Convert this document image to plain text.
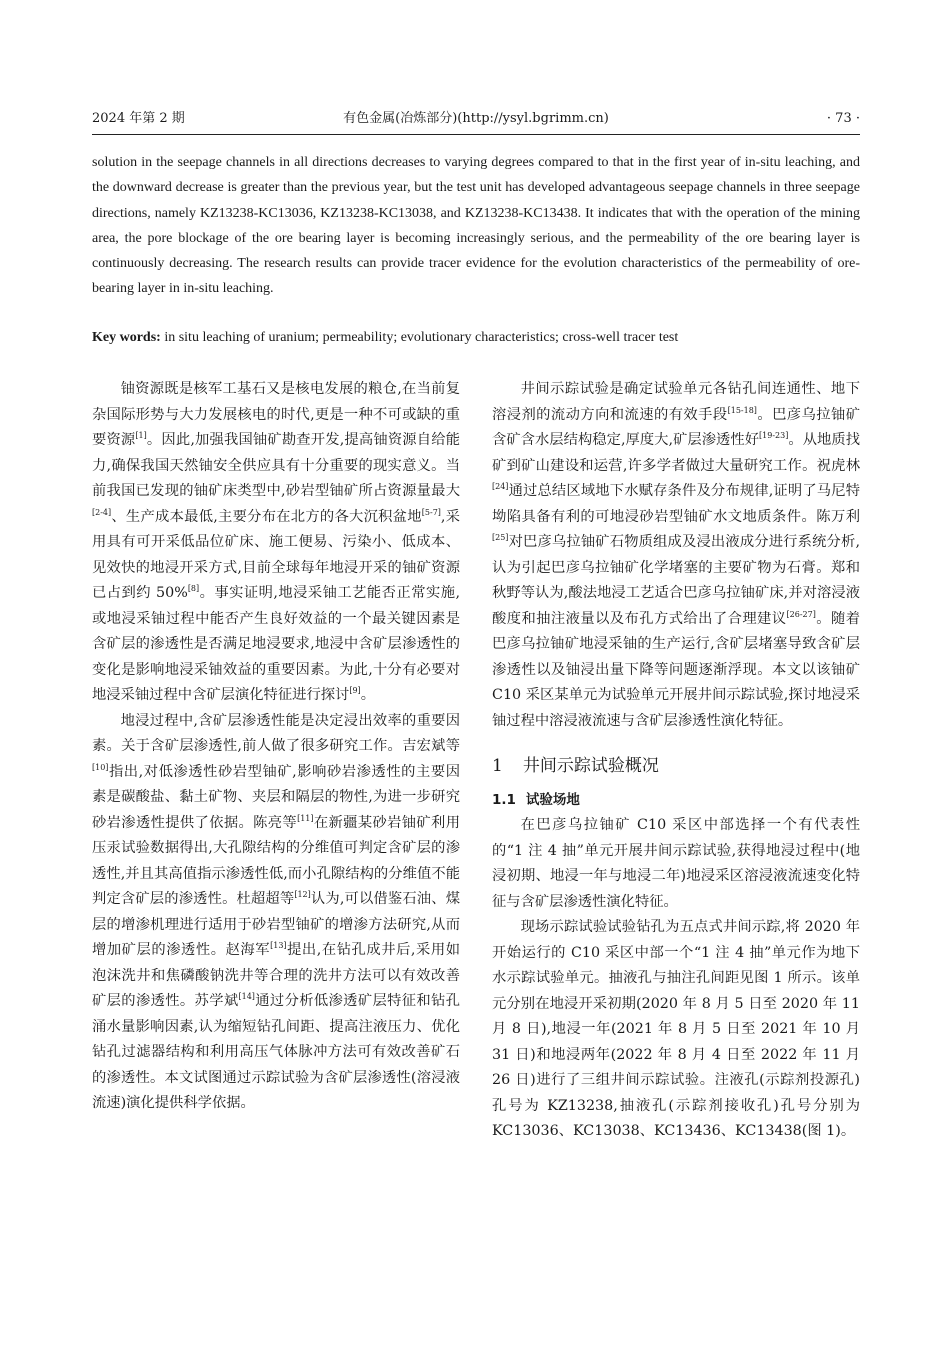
2024 年第 2 期	有色金属(冶炼部分)(http://ysyl.bgrimm.cn)	· 73 ·

solution in the seepage channels in all directions decreases to varying degrees compared to that in the first year of in-situ leaching, and the downward decrease is greater than the previous year, but the test unit has developed advantageous seepage channels in three seepage directions, namely KZ13238-KC13036, KZ13238-KC13038, and KZ13238-KC13438. It indicates that with the operation of the mining area, the pore blockage of the ore bearing layer is becoming increasingly serious, and the permeability of the ore bearing layer is continuously decreasing. The research results can provide tracer evidence for the evolution characteristics of the permeability of ore-bearing layer in in-situ leaching.

Key words: in situ leaching of uranium; permeability; evolutionary characteristics; cross-well tracer test

铀资源既是核军工基石又是核电发展的粮仓,在当前复杂国际形势与大力发展核电的时代,更是一种不可或缺的重要资源[1]。因此,加强我国铀矿勘查开发,提高铀资源自给能力,确保我国天然铀安全供应具有十分重要的现实意义。当前我国已发现的铀矿床类型中,砂岩型铀矿所占资源量最大[2-4]、生产成本最低,主要分布在北方的各大沉积盆地[5-7],采用具有可开采低品位矿床、施工便易、污染小、低成本、见效快的地浸开采方式,目前全球每年地浸开采的铀矿资源已占到约 50%[8]。事实证明,地浸采铀工艺能否正常实施,或地浸采铀过程中能否产生良好效益的一个最关键因素是含矿层的渗透性是否满足地浸要求,地浸中含矿层渗透性的变化是影响地浸采铀效益的重要因素。为此,十分有必要对地浸采铀过程中含矿层演化特征进行探讨[9]。

地浸过程中,含矿层渗透性能是决定浸出效率的重要因素。关于含矿层渗透性,前人做了很多研究工作。吉宏斌等[10]指出,对低渗透性砂岩型铀矿,影响砂岩渗透性的主要因素是碳酸盐、黏土矿物、夹层和隔层的物性,为进一步研究砂岩渗透性提供了依据。陈亮等[11]在新疆某砂岩铀矿利用压汞试验数据得出,大孔隙结构的分维值可判定含矿层的渗透性,并且其高值指示渗透性低,而小孔隙结构的分维值不能判定含矿层的渗透性。杜超超等[12]认为,可以借鉴石油、煤层的增渗机理进行适用于砂岩型铀矿的增渗方法研究,从而增加矿层的渗透性。赵海军[13]提出,在钻孔成井后,采用如泡沫洗井和焦磷酸钠洗井等合理的洗井方法可以有效改善矿层的渗透性。苏学斌[14]通过分析低渗透矿层特征和钻孔涌水量影响因素,认为缩短钻孔间距、提高注液压力、优化钻孔过滤器结构和利用高压气体脉冲方法可有效改善矿石的渗透性。本文试图通过示踪试验为含矿层渗透性(溶浸液流速)演化提供科学依据。

井间示踪试验是确定试验单元各钻孔间连通性、地下溶浸剂的流动方向和流速的有效手段[15-18]。巴彦乌拉铀矿含矿含水层结构稳定,厚度大,矿层渗透性好[19-23]。从地质找矿到矿山建设和运营,许多学者做过大量研究工作。祝虎林[24]通过总结区域地下水赋存条件及分布规律,证明了马尼特坳陷具备有利的可地浸砂岩型铀矿水文地质条件。陈万利[25]对巴彦乌拉铀矿石物质组成及浸出液成分进行系统分析,认为引起巴彦乌拉铀矿化学堵塞的主要矿物为石膏。郑和秋野等认为,酸法地浸工艺适合巴彦乌拉铀矿床,并对溶浸液酸度和抽注液量以及布孔方式给出了合理建议[26-27]。随着巴彦乌拉铀矿地浸采铀的生产运行,含矿层堵塞导致含矿层渗透性以及铀浸出量下降等问题逐渐浮现。本文以该铀矿 C10 采区某单元为试验单元开展井间示踪试验,探讨地浸采铀过程中溶浸液流速与含矿层渗透性演化特征。

1 井间示踪试验概况
1.1 试验场地

在巴彦乌拉铀矿 C10 采区中部选择一个有代表性的“1 注 4 抽”单元开展井间示踪试验,获得地浸过程中(地浸初期、地浸一年与地浸二年)地浸采区溶浸液流速变化特征与含矿层渗透性演化特征。

现场示踪试验试验钻孔为五点式井间示踪,将 2020 年开始运行的 C10 采区中部一个“1 注 4 抽”单元作为地下水示踪试验单元。抽液孔与抽注孔间距见图 1 所示。该单元分别在地浸开采初期(2020 年 8 月 5 日至 2020 年 11 月 8 日),地浸一年(2021 年 8 月 5 日至 2021 年 10 月 31 日)和地浸两年(2022 年 8 月 4 日至 2022 年 11 月 26 日)进行了三组井间示踪试验。注液孔(示踪剂投源孔)孔号为 KZ13238,抽液孔(示踪剂接收孔)孔号分别为 KC13036、KC13038、KC13436、KC13438(图 1)。
